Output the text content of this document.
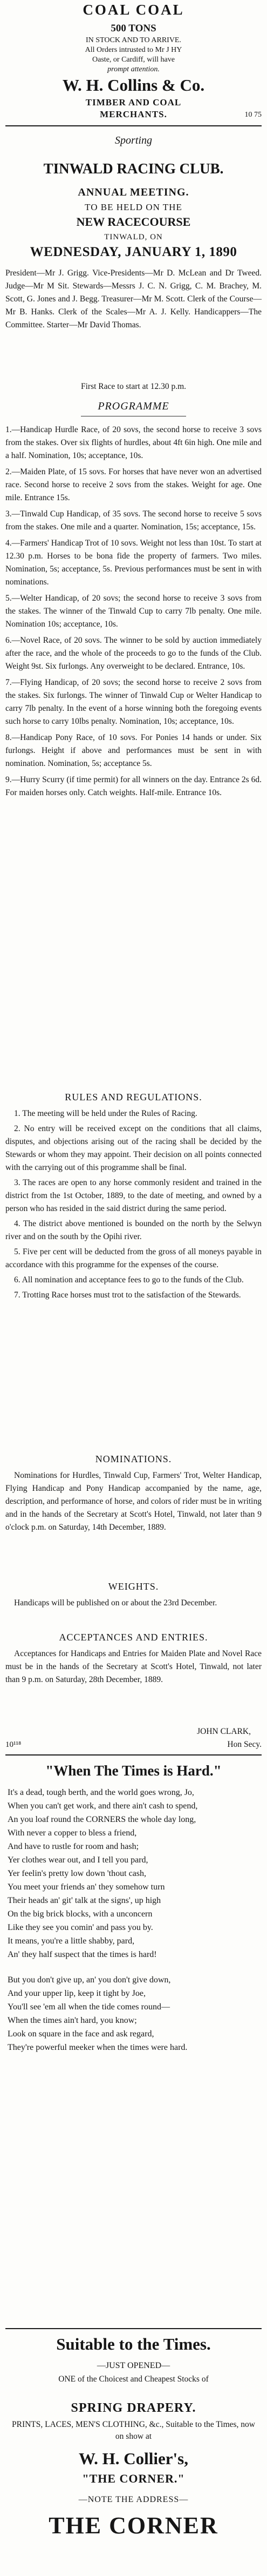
COAL COAL
500 TONS
IN STOCK AND TO ARRIVE.
All Orders intrusted to Mr J HY
Oaste, or Cardiff, will have
prompt attention.
W. H. Collins & Co.
TIMBER AND COAL
MERCHANTS.	10 75
Sporting
TINWALD RACING CLUB.
ANNUAL MEETING.
TO BE HELD ON THE
NEW RACECOURSE
TINWALD, ON
WEDNESDAY, JANUARY 1, 1890
President—Mr J. Grigg. Vice-Presidents—Mr D. McLean and Dr Tweed. Judge—Mr M Sit. Stewards—Messrs J. C. N. Grigg, C. M. Brachey, M. Scott, G. Jones and J. Begg. Treasurer—Mr M. Scott. Clerk of the Course—Mr B. Hanks. Clerk of the Scales—Mr A. J. Kelly. Handicappers—The Committee. Starter—Mr David Thomas.
First Race to start at 12.30 p.m.
PROGRAMME
1.—Handicap Hurdle Race, of 20 sovs, the second horse to receive 3 sovs from the stakes. Over six flights of hurdles, about 4ft 6in high. One mile and a half. Nomination, 10s; acceptance, 10s.
2.—Maiden Plate, of 15 sovs. For horses that have never won an advertised race. Second horse to receive 2 sovs from the stakes. Weight for age. One mile. Entrance 15s.
3.—Tinwald Cup Handicap, of 35 sovs. The second horse to receive 5 sovs from the stakes. One mile and a quarter. Nomination, 15s; acceptance, 15s.
4.—Farmers' Handicap Trot of 10 sovs. Weight not less than 10st. To start at 12.30 p.m. Horses to be bona fide the property of farmers. Two miles. Nomination, 5s; acceptance, 5s. Previous performances must be sent in with nominations.
5.—Welter Handicap, of 20 sovs; the second horse to receive 3 sovs from the stakes. The winner of the Tinwald Cup to carry 7lb penalty. One mile. Nomination 10s; acceptance, 10s.
6.—Novel Race, of 20 sovs. The winner to be sold by auction immediately after the race, and the whole of the proceeds to go to the funds of the Club. Weight 9st. Six furlongs. Any overweight to be declared. Entrance, 10s.
7.—Flying Handicap, of 20 sovs; the second horse to receive 2 sovs from the stakes. Six furlongs. The winner of Tinwald Cup or Welter Handicap to carry 7lb penalty. In the event of a horse winning both the foregoing events such horse to carry 10lbs penalty. Nomination, 10s; acceptance, 10s.
8.—Handicap Pony Race, of 10 sovs. For Ponies 14 hands or under. Six furlongs. Height if above and performances must be sent in with nomination. Nomination, 5s; acceptance 5s.
9.—Hurry Scurry (if time permit) for all winners on the day. Entrance 2s 6d. For maiden horses only. Catch weights. Half-mile. Entrance 10s.
RULES AND REGULATIONS.
1. The meeting will be held under the Rules of Racing.
2. No entry will be received except on the conditions that all claims, disputes, and objections arising out of the racing shall be decided by the Stewards or whom they may appoint. Their decision on all points connected with the carrying out of this programme shall be final.
3. The races are open to any horse commonly resident and trained in the district from the 1st October, 1889, to the date of meeting, and owned by a person who has resided in the said district during the same period.
4. The district above mentioned is bounded on the north by the Selwyn river and on the south by the Opihi river.
5. Five per cent will be deducted from the gross of all moneys payable in accordance with this programme for the expenses of the course.
6. All nomination and acceptance fees to go to the funds of the Club.
7. Trotting Race horses must trot to the satisfaction of the Stewards.
NOMINATIONS.
Nominations for Hurdles, Tinwald Cup, Farmers' Trot, Welter Handicap, Flying Handicap and Pony Handicap accompanied by the name, age, description, and performance of horse, and colors of rider must be in writing and in the hands of the Secretary at Scott's Hotel, Tinwald, not later than 9 o'clock p.m. on Saturday, 14th December, 1889.
WEIGHTS.
Handicaps will be published on or about the 23rd December.
ACCEPTANCES AND ENTRIES.
Acceptances for Handicaps and Entries for Maiden Plate and Novel Race must be in the hands of the Secretary at Scott's Hotel, Tinwald, not later than 9 p.m. on Saturday, 28th December, 1889.
JOHN CLARK,
10¹¹⁸	Hon Secy.
"When The Times is Hard."
It's a dead, tough berth, and the world goes wrong, Jo,
When you can't get work, and there ain't cash to spend,
An you loaf round the CORNERS the whole day long,
With never a copper to bless a friend,
And have to rustle for room and hash;
Yer clothes wear out, and I tell you pard,
Yer feelin's pretty low down 'thout cash,
You meet your friends an' they somehow turn
Their heads an' git' talk at the signs', up high
On the big brick blocks, with a unconcern
Like they see you comin' and pass you by.
It means, you're a little shabby, pard,
An' they half suspect that the times is hard!
But you don't give up, an' you don't give down,
And your upper lip, keep it tight by Joe,
You'll see 'em all when the tide comes round—
When the times ain't hard, you know;
Look on square in the face and ask regard,
They're powerful meeker when the times were hard.
Suitable to the Times.
—JUST OPENED—
ONE of the Choicest and Cheapest Stocks of
SPRING DRAPERY.
PRINTS, LACES, MEN'S CLOTHING, &c., Suitable to the Times, now on show at
W. H. Collier's,
"THE CORNER."
—NOTE THE ADDRESS—
THE CORNER
